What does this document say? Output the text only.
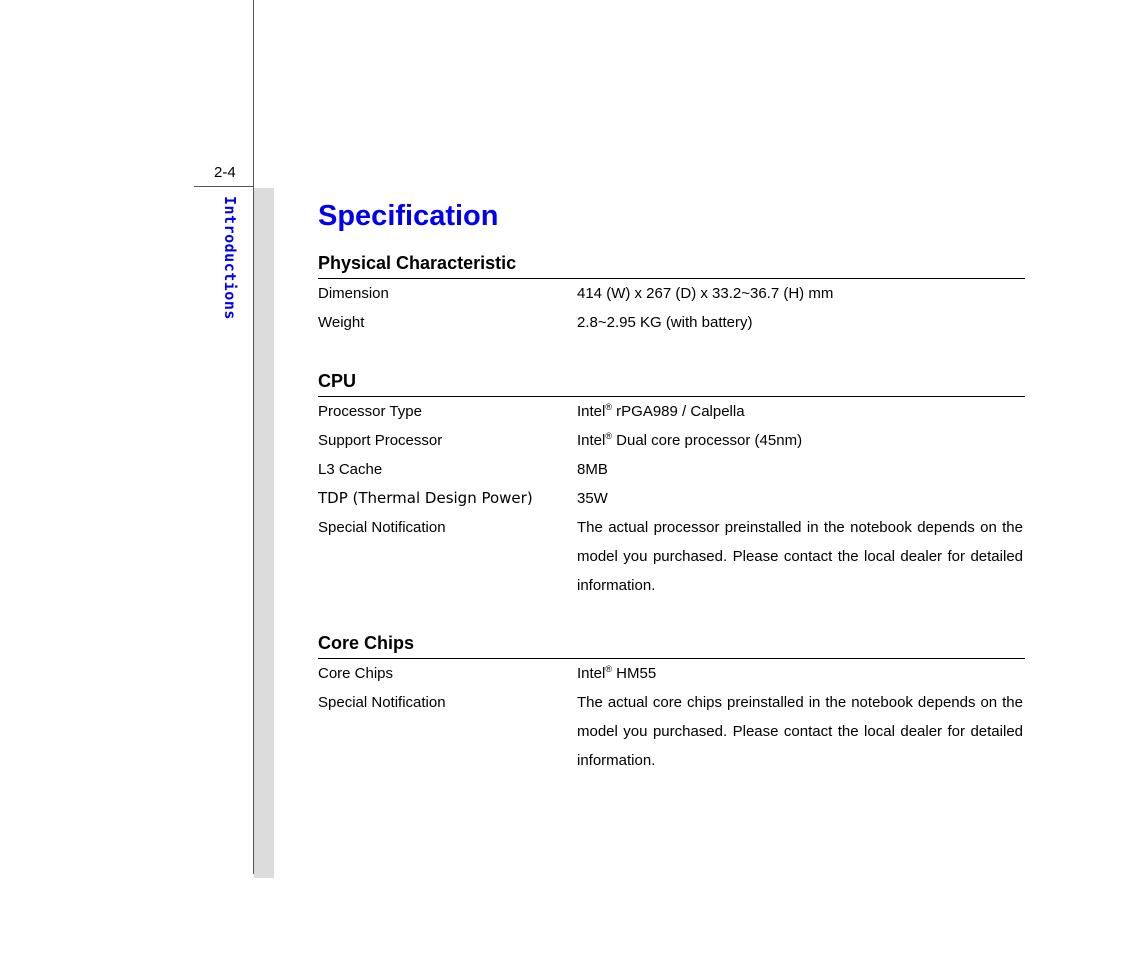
2-4
Introductions	Specification
Physical Characteristic
Dimension	414 (W) x 267 (D) x 33.2~36.7 (H) mm
Weight	2.8~2.95 KG (with battery)
CPU
Processor Type	Intel® rPGA989 / Calpella
Support Processor	Intel® Dual core processor (45nm)
L3 Cache	8MB
TDP (Thermal Design Power)	35W
Special Notification	The actual processor preinstalled in the notebook depends on the model you purchased. Please contact the local dealer for detailed information.
Core Chips
Core Chips	Intel® HM55
Special Notification	The actual core chips preinstalled in the notebook depends on the model you purchased. Please contact the local dealer for detailed information.
